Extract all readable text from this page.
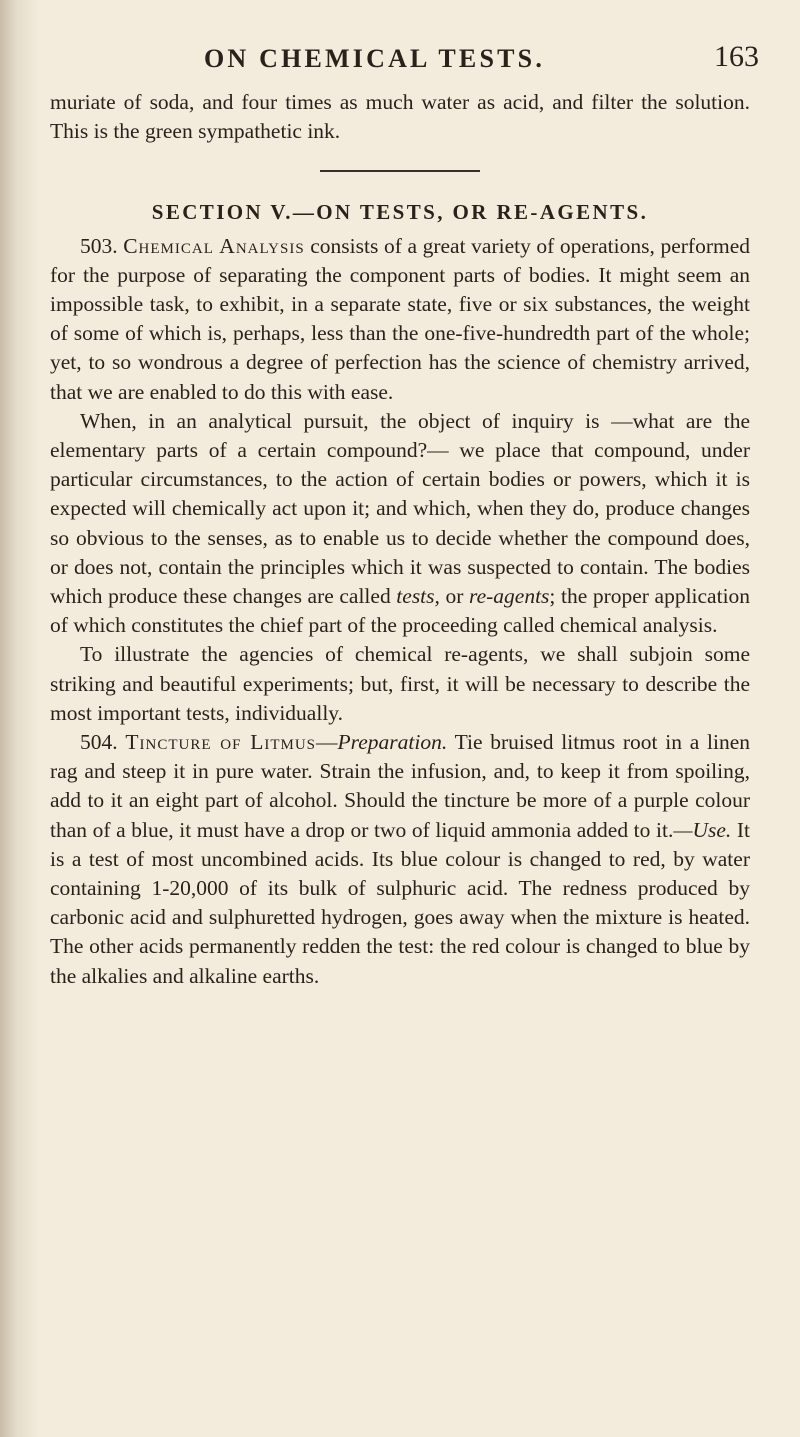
ON CHEMICAL TESTS.	163

muriate of soda, and four times as much water as acid, and filter the solution. This is the green sympathetic ink.

SECTION V.—ON TESTS, OR RE-AGENTS.

503. Chemical Analysis consists of a great variety of operations, performed for the purpose of separating the component parts of bodies. It might seem an impossible task, to exhibit, in a separate state, five or six substances, the weight of some of which is, perhaps, less than the one-five-hundredth part of the whole; yet, to so wondrous a degree of perfection has the science of chemistry arrived, that we are enabled to do this with ease.

When, in an analytical pursuit, the object of inquiry is —what are the elementary parts of a certain compound?— we place that compound, under particular circumstances, to the action of certain bodies or powers, which it is expected will chemically act upon it; and which, when they do, produce changes so obvious to the senses, as to enable us to decide whether the compound does, or does not, contain the principles which it was suspected to contain. The bodies which produce these changes are called tests, or re-agents; the proper application of which constitutes the chief part of the proceeding called chemical analysis.

To illustrate the agencies of chemical re-agents, we shall subjoin some striking and beautiful experiments; but, first, it will be necessary to describe the most important tests, individually.

504. Tincture of Litmus—Preparation. Tie bruised litmus root in a linen rag and steep it in pure water. Strain the infusion, and, to keep it from spoiling, add to it an eight part of alcohol. Should the tincture be more of a purple colour than of a blue, it must have a drop or two of liquid ammonia added to it.—Use. It is a test of most uncombined acids. Its blue colour is changed to red, by water containing 1-20,000 of its bulk of sulphuric acid. The redness produced by carbonic acid and sulphuretted hydrogen, goes away when the mixture is heated. The other acids permanently redden the test: the red colour is changed to blue by the alkalies and alkaline earths.
